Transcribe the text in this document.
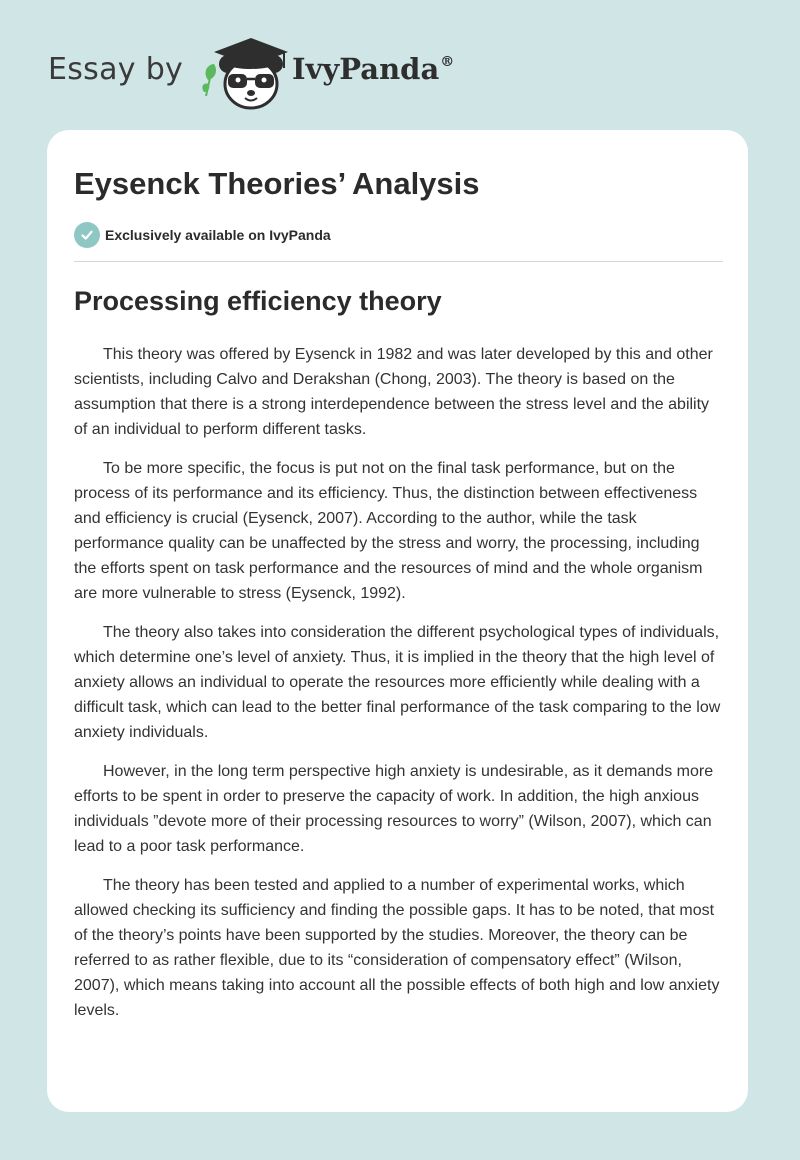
Essay by	IvyPanda®
Eysenck Theories’ Analysis
Exclusively available on IvyPanda
Processing efficiency theory

This theory was offered by Eysenck in 1982 and was later developed by this and other scientists, including Calvo and Derakshan (Chong, 2003). The theory is based on the assumption that there is a strong interdependence between the stress level and the ability of an individual to perform different tasks.

To be more specific, the focus is put not on the final task performance, but on the process of its performance and its efficiency. Thus, the distinction between effectiveness and efficiency is crucial (Eysenck, 2007). According to the author, while the task performance quality can be unaffected by the stress and worry, the processing, including the efforts spent on task performance and the resources of mind and the whole organism are more vulnerable to stress (Eysenck, 1992).

The theory also takes into consideration the different psychological types of individuals, which determine one’s level of anxiety. Thus, it is implied in the theory that the high level of anxiety allows an individual to operate the resources more efficiently while dealing with a difficult task, which can lead to the better final performance of the task comparing to the low anxiety individuals.

However, in the long term perspective high anxiety is undesirable, as it demands more efforts to be spent in order to preserve the capacity of work. In addition, the high anxious individuals ”devote more of their processing resources to worry” (Wilson, 2007), which can lead to a poor task performance.

The theory has been tested and applied to a number of experimental works, which allowed checking its sufficiency and finding the possible gaps. It has to be noted, that most of the theory’s points have been supported by the studies. Moreover, the theory can be referred to as rather flexible, due to its “consideration of compensatory effect” (Wilson, 2007), which means taking into account all the possible effects of both high and low anxiety levels.
